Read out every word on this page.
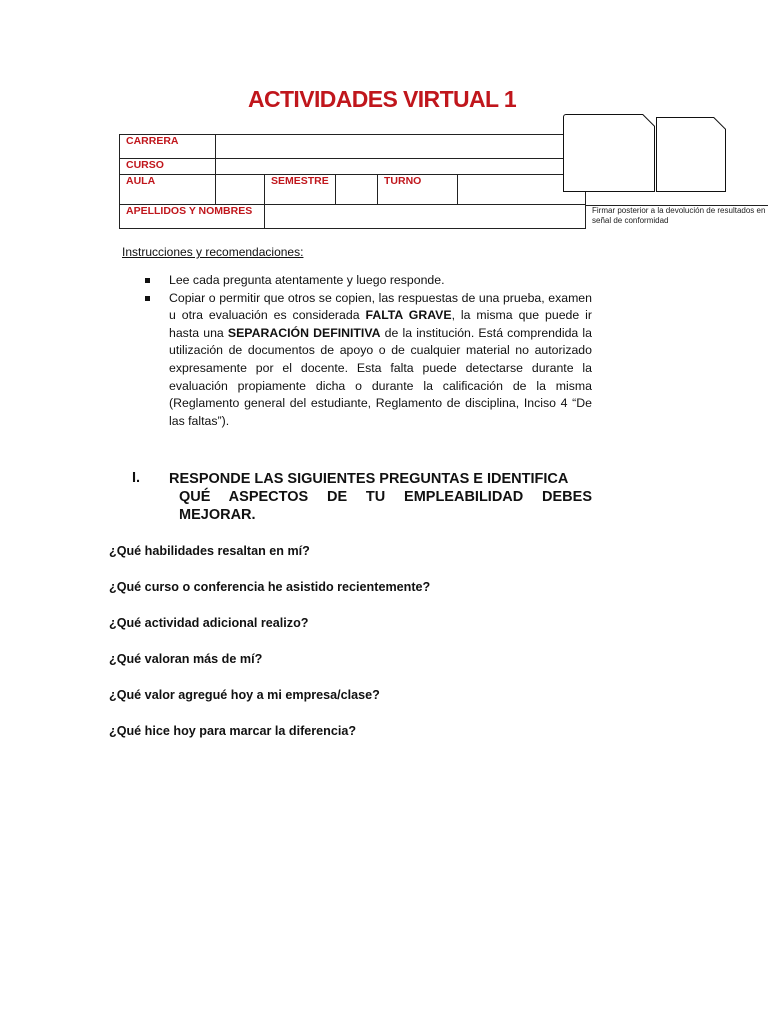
ACTIVIDADES VIRTUAL 1
CARRERA						
CURSO						
AULA		SEMESTRE		TURNO		
APELLIDOS Y NOMBRES							Firmar posterior a la devolución de resultados en señal de conformidad
Instrucciones y recomendaciones:
Lee cada pregunta atentamente y luego responde.
Copiar o permitir que otros se copien, las respuestas de una prueba, examen u otra evaluación es considerada FALTA GRAVE, la misma que puede ir hasta una SEPARACIÓN DEFINITIVA de la institución. Está comprendida la utilización de documentos de apoyo o de cualquier material no autorizado expresamente por el docente. Esta falta puede detectarse durante la evaluación propiamente dicha o durante la calificación de la misma (Reglamento general del estudiante, Reglamento de disciplina, Inciso 4 “De las faltas”).
I. RESPONDE LAS SIGUIENTES PREGUNTAS E IDENTIFICA
QUÉ ASPECTOS DE TU EMPLEABILIDAD DEBES
MEJORAR.
¿Qué habilidades resaltan en mí?
¿Qué curso o conferencia he asistido recientemente?
¿Qué actividad adicional realizo?
¿Qué valoran más de mí?
¿Qué valor agregué hoy a mi empresa/clase?
¿Qué hice hoy para marcar la diferencia?
